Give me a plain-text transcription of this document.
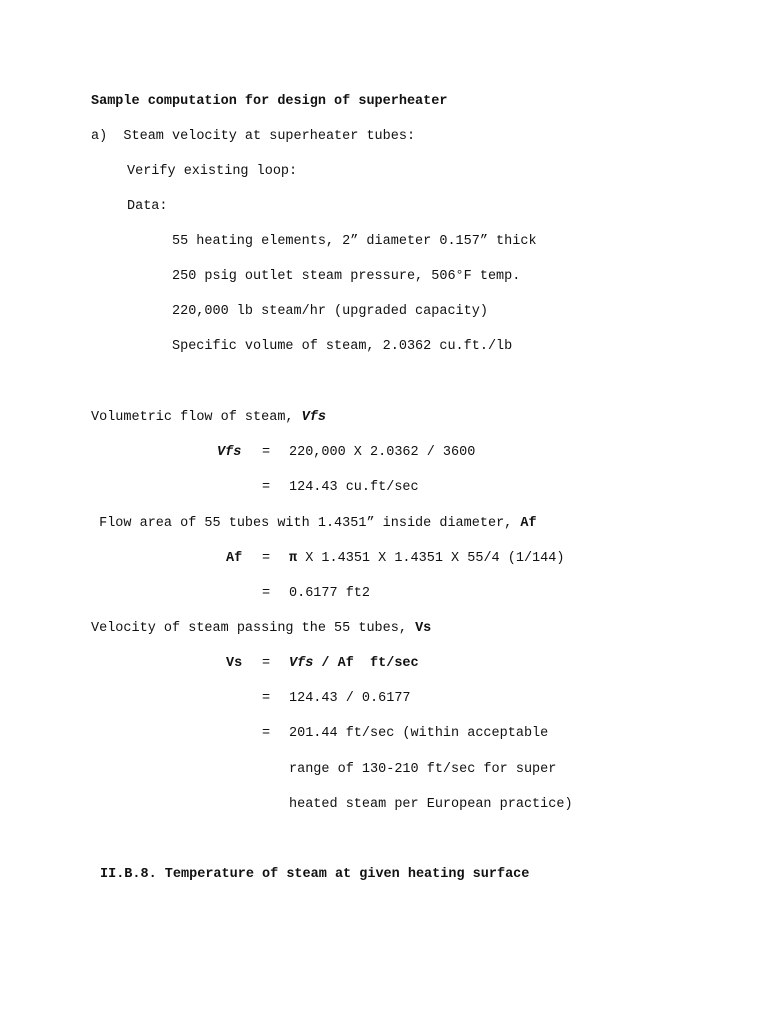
Sample computation for design of superheater
a)  Steam velocity at superheater tubes:
Verify existing loop:
Data:
55 heating elements, 2” diameter 0.157” thick
250 psig outlet steam pressure, 506°F temp.
220,000 lb steam/hr (upgraded capacity)
Specific volume of steam, 2.0362 cu.ft./lb
Volumetric flow of steam, Vfs
Vfs = 220,000 X 2.0362 / 3600
= 124.43 cu.ft/sec
Flow area of 55 tubes with 1.4351” inside diameter, Af
Af = π X 1.4351 X 1.4351 X 55/4 (1/144)
= 0.6177 ft2
Velocity of steam passing the 55 tubes, Vs
Vs = Vfs / Af  ft/sec
= 124.43 / 0.6177
= 201.44 ft/sec (within acceptable
range of 130-210 ft/sec for super
heated steam per European practice)
II.B.8. Temperature of steam at given heating surface
